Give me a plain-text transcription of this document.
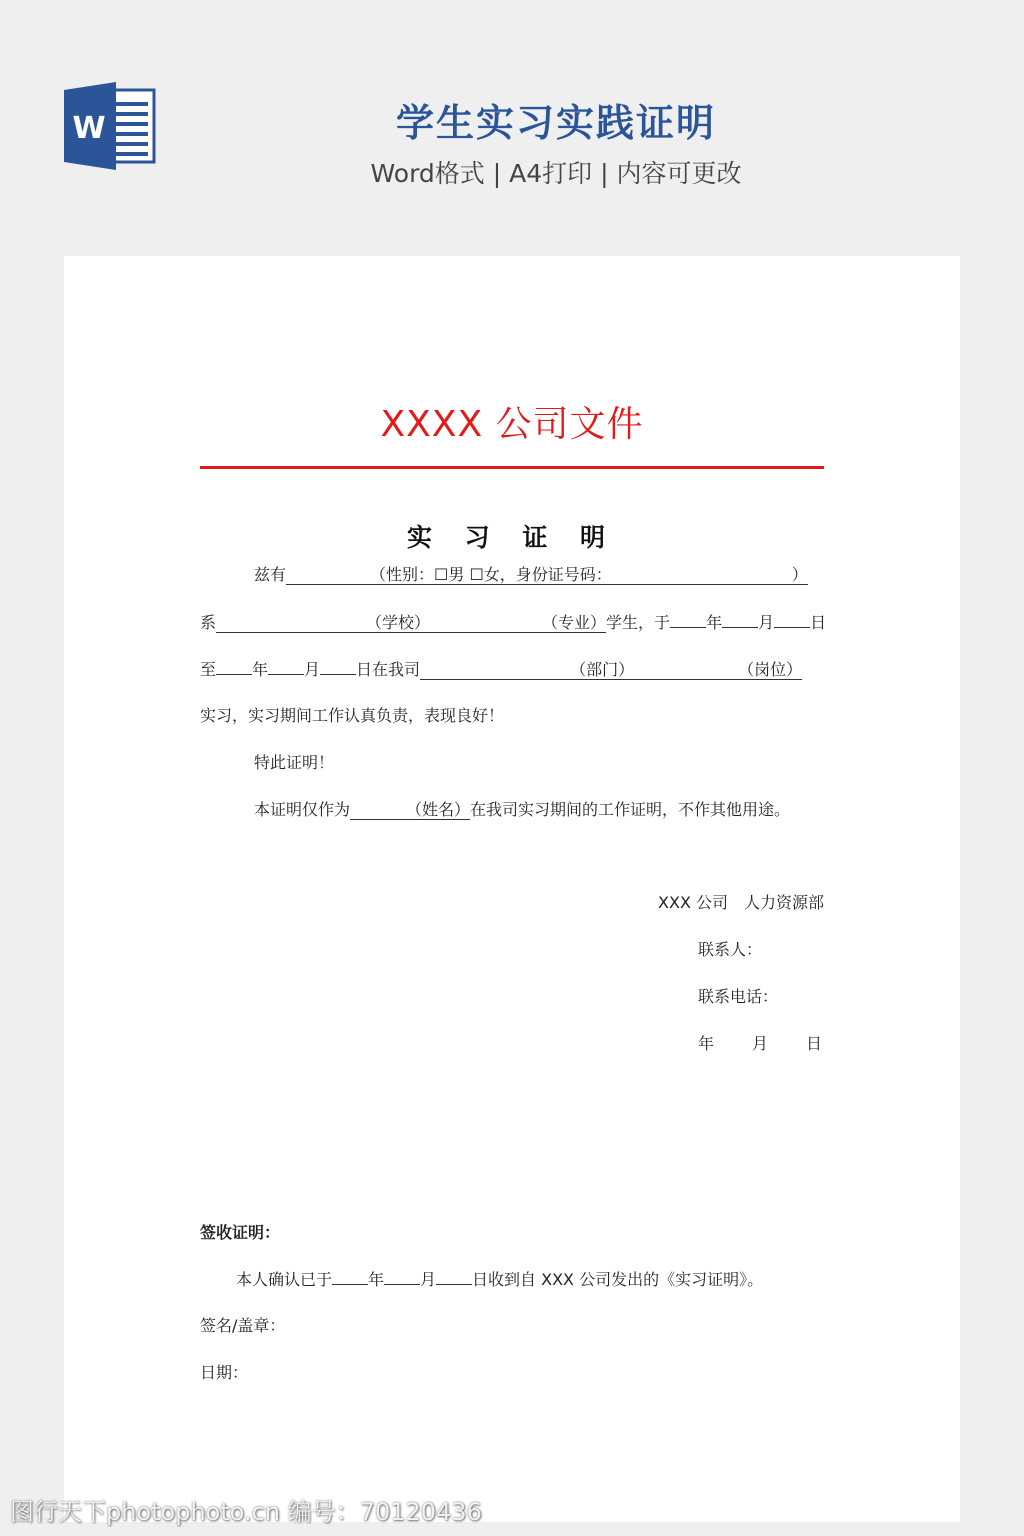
W	学生实习实践证明
Word格式 | A4打印 | 内容可更改
XXXX 公司文件
实 习 证 明
兹有	（性别：☐男 ☐女，身份证号码：	）
系	（学校）	（专业）学生，于 年 月 日
至 年 月 日在我司	（部门）	（岗位）
实习，实习期间工作认真负责，表现良好！
特此证明！
本证明仅作为	（姓名）在我司实习期间的工作证明，不作其他用途。
XXX 公司　人力资源部
联系人：
联系电话：
年 月 日
签收证明：
本人确认已于 年 月 日收到自 XXX 公司发出的《实习证明》。
签名/盖章：
日期：
图行天下photophoto.cn 编号：70120436
